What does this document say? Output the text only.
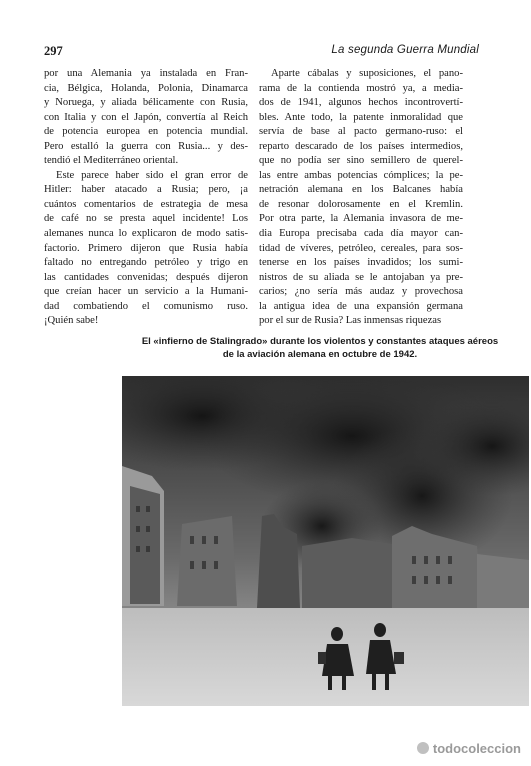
297	La segunda Guerra Mundial

por una Alemania ya instalada en Fran-
cia, Bélgica, Holanda, Polonia, Dinamarca
y Noruega, y aliada bélicamente con Rusia,
con Italia y con el Japón, convertía al Reich
de potencia europea en potencia mundial.
Pero estalló la guerra con Rusia... y des-
tendió el Mediterráneo oriental.

Este parece haber sido el gran error de
Hitler: haber atacado a Rusia; pero, ¡a
cuántos comentarios de estrategia de mesa
de café no se presta aquel incidente! Los
alemanes nunca lo explicaron de modo satis-
factorio. Primero dijeron que Rusia había
faltado no entregando petróleo y trigo en
las cantidades convenidas; después dijeron
que creían hacer un servicio a la Humani-
dad combatiendo el comunismo ruso.
¡Quién sabe!

Aparte cábalas y suposiciones, el pano-
rama de la contienda mostró ya, a media-
dos de 1941, algunos hechos incontrovertí-
bles. Ante todo, la patente inmoralidad que
servía de base al pacto germano-ruso: el
reparto descarado de los países intermedios,
que no podía ser sino semillero de querel-
las entre ambas potencias cómplices; la pe-
netración alemana en los Balcanes había
de resonar dolorosamente en el Kremlin.
Por otra parte, la Alemania invasora de me-
dia Europa precisaba cada día mayor can-
tidad de víveres, petróleo, cereales, para sos-
tenerse en los países invadidos; los sumi-
nistros de su aliada se le antojaban ya pre-
carios; ¿no sería más audaz y provechosa
la antigua idea de una expansión germana
por el sur de Rusia? Las inmensas riquezas

El «infierno de Stalingrado» durante los violentos y constantes ataques aéreos
de la aviación alemana en octubre de 1942.
todocoleccion
